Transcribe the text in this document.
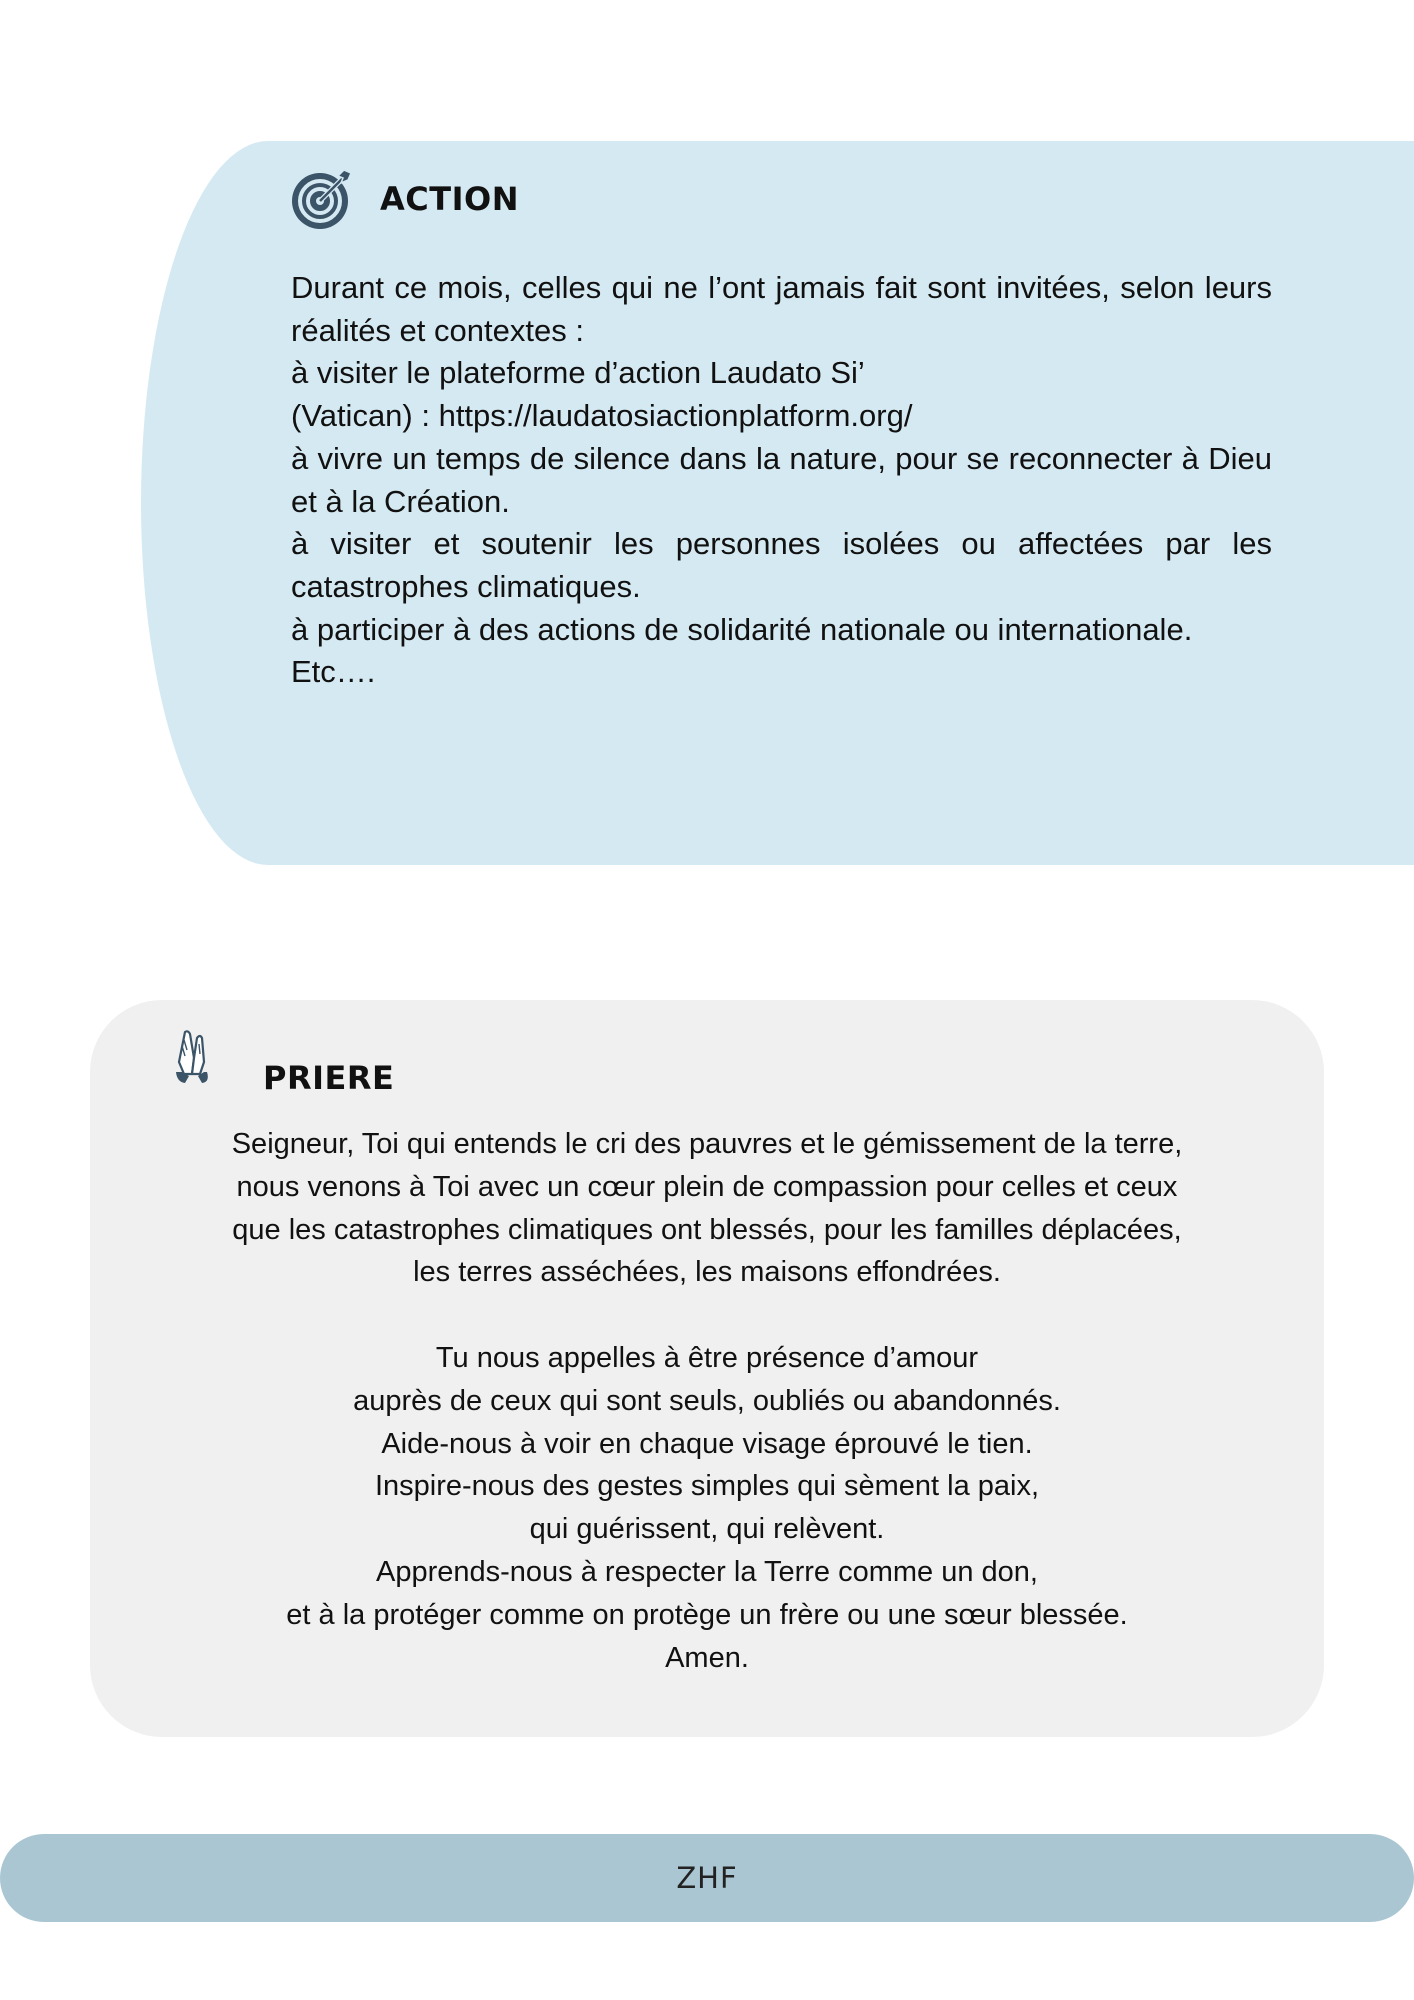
ACTION

Durant ce mois, celles qui ne l’ont jamais fait sont invitées, selon leurs réalités et contextes :

à visiter le plateforme d’action Laudato Si’

(Vatican) : https://laudatosiactionplatform.org/

à vivre un temps de silence dans la nature, pour se reconnecter à Dieu et à la Création.

à visiter et soutenir les personnes isolées ou affectées par les catastrophes climatiques.

à participer à des actions de solidarité nationale ou internationale.

Etc….

PRIERE
Seigneur, Toi qui entends le cri des pauvres et le gémissement de la terre,
nous venons à Toi avec un cœur plein de compassion pour celles et ceux
que les catastrophes climatiques ont blessés, pour les familles déplacées,
les terres asséchées, les maisons effondrées.
Tu nous appelles à être présence d’amour
auprès de ceux qui sont seuls, oubliés ou abandonnés.
Aide-nous à voir en chaque visage éprouvé le tien.
Inspire-nous des gestes simples qui sèment la paix,
qui guérissent, qui relèvent.
Apprends-nous à respecter la Terre comme un don,
et à la protéger comme on protège un frère ou une sœur blessée.
Amen.
ZHF
